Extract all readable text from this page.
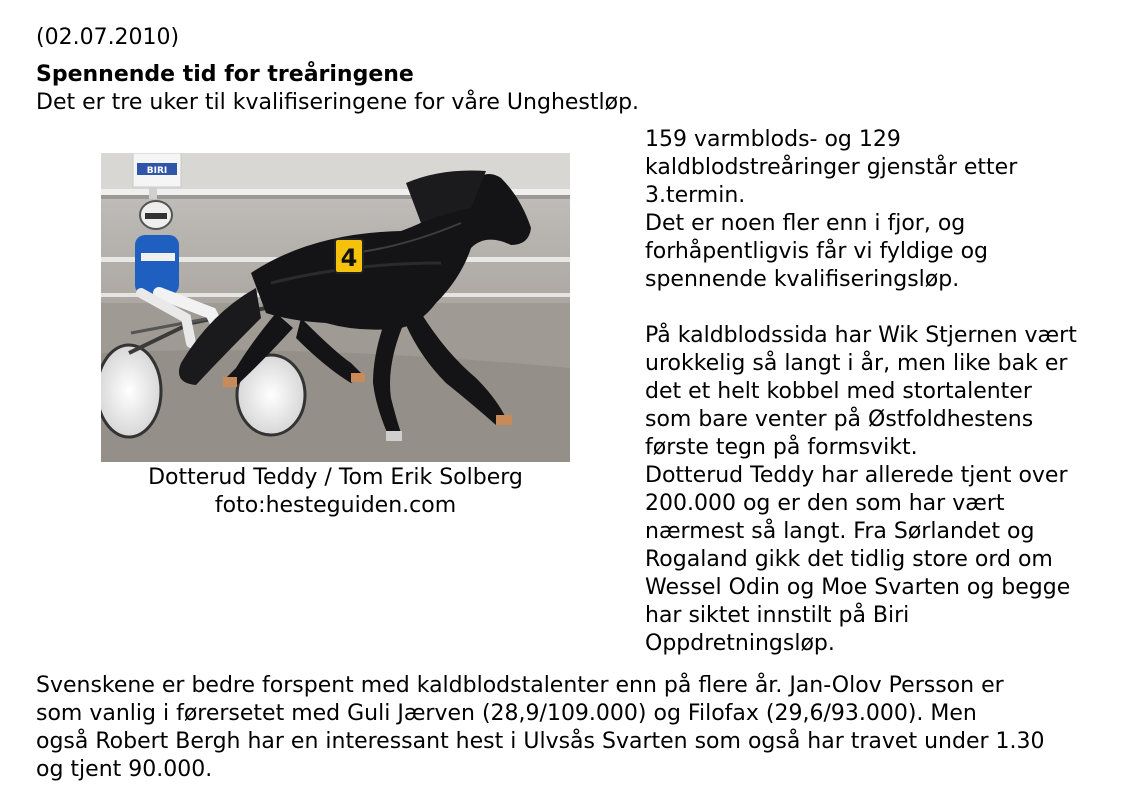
(02.07.2010)
Spennende tid for treåringene
Det er tre uker til kvalifiseringene for våre Unghestløp.
BIRI
4
Dotterud Teddy / Tom Erik Solberg
foto:hesteguiden.com
159 varmblods- og 129
kaldblodstreåringer gjenstår etter
3.termin.
Det er noen fler enn i fjor, og
forhåpentligvis får vi fyldige og
spennende kvalifiseringsløp.
På kaldblodssida har Wik Stjernen vært
urokkelig så langt i år, men like bak er
det et helt kobbel med stortalenter
som bare venter på Østfoldhestens
første tegn på formsvikt.
Dotterud Teddy har allerede tjent over
200.000 og er den som har vært
nærmest så langt. Fra Sørlandet og
Rogaland gikk det tidlig store ord om
Wessel Odin og Moe Svarten og begge
har siktet innstilt på Biri
Oppdretningsløp.
Svenskene er bedre forspent med kaldblodstalenter enn på flere år. Jan-Olov Persson er
som vanlig i førersetet med Guli Jærven (28,9/109.000) og Filofax (29,6/93.000). Men
også Robert Bergh har en interessant hest i Ulvsås Svarten som også har travet under 1.30
og tjent 90.000.
